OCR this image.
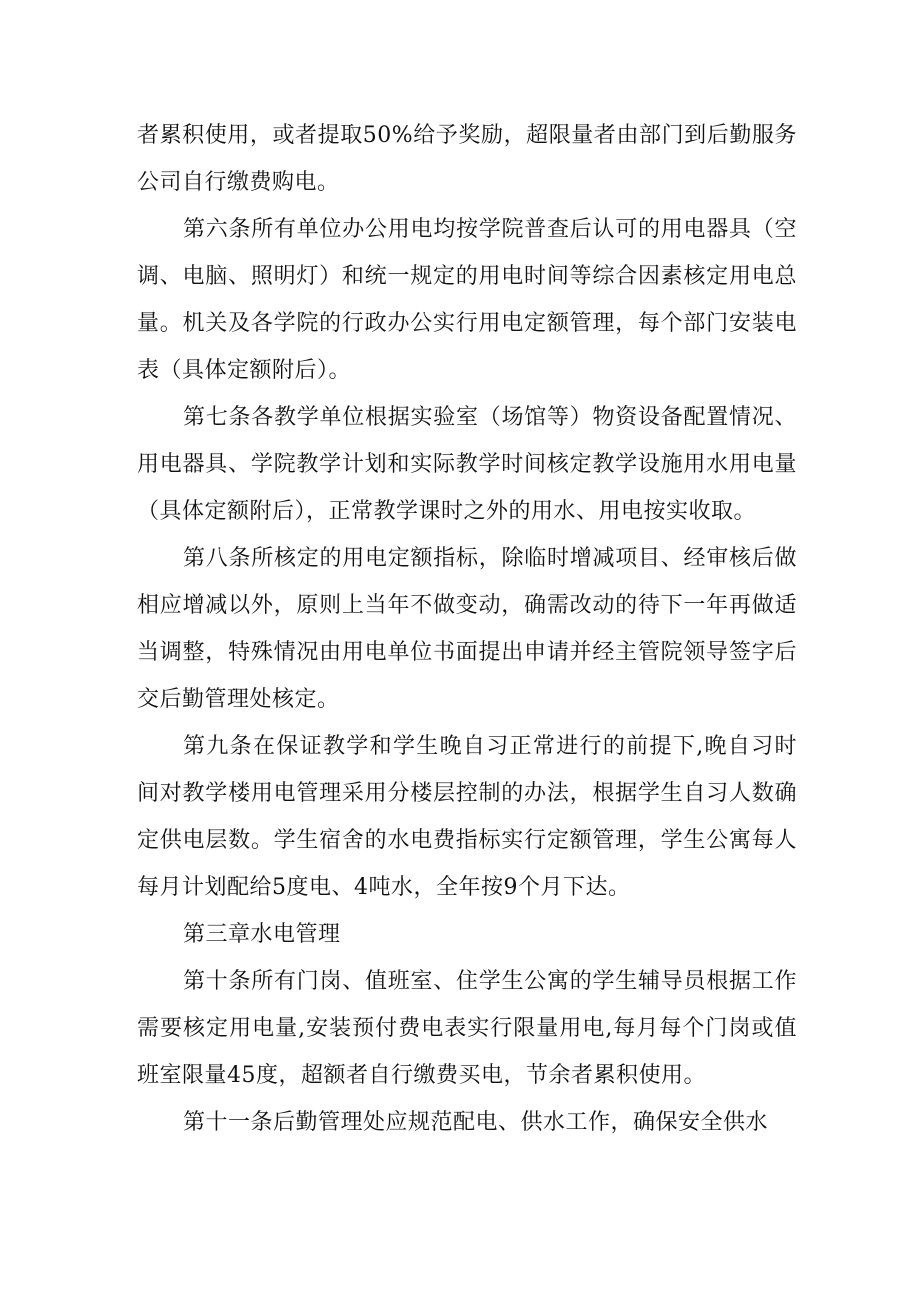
者累积使用，或者提取50%给予奖励，超限量者由部门到后勤服务公司自行缴费购电。

第六条所有单位办公用电均按学院普查后认可的用电器具（空调、电脑、照明灯）和统一规定的用电时间等综合因素核定用电总量。机关及各学院的行政办公实行用电定额管理，每个部门安装电表（具体定额附后）。

第七条各教学单位根据实验室（场馆等）物资设备配置情况、用电器具、学院教学计划和实际教学时间核定教学设施用水用电量（具体定额附后），正常教学课时之外的用水、用电按实收取。

第八条所核定的用电定额指标，除临时增减项目、经审核后做相应增减以外，原则上当年不做变动，确需改动的待下一年再做适当调整，特殊情况由用电单位书面提出申请并经主管院领导签字后交后勤管理处核定。

第九条在保证教学和学生晚自习正常进行的前提下,晚自习时间对教学楼用电管理采用分楼层控制的办法，根据学生自习人数确定供电层数。学生宿舍的水电费指标实行定额管理，学生公寓每人每月计划配给5度电、4吨水，全年按9个月下达。

第三章水电管理

第十条所有门岗、值班室、住学生公寓的学生辅导员根据工作需要核定用电量,安装预付费电表实行限量用电,每月每个门岗或值班室限量45度，超额者自行缴费买电，节余者累积使用。

第十一条后勤管理处应规范配电、供水工作，确保安全供水
